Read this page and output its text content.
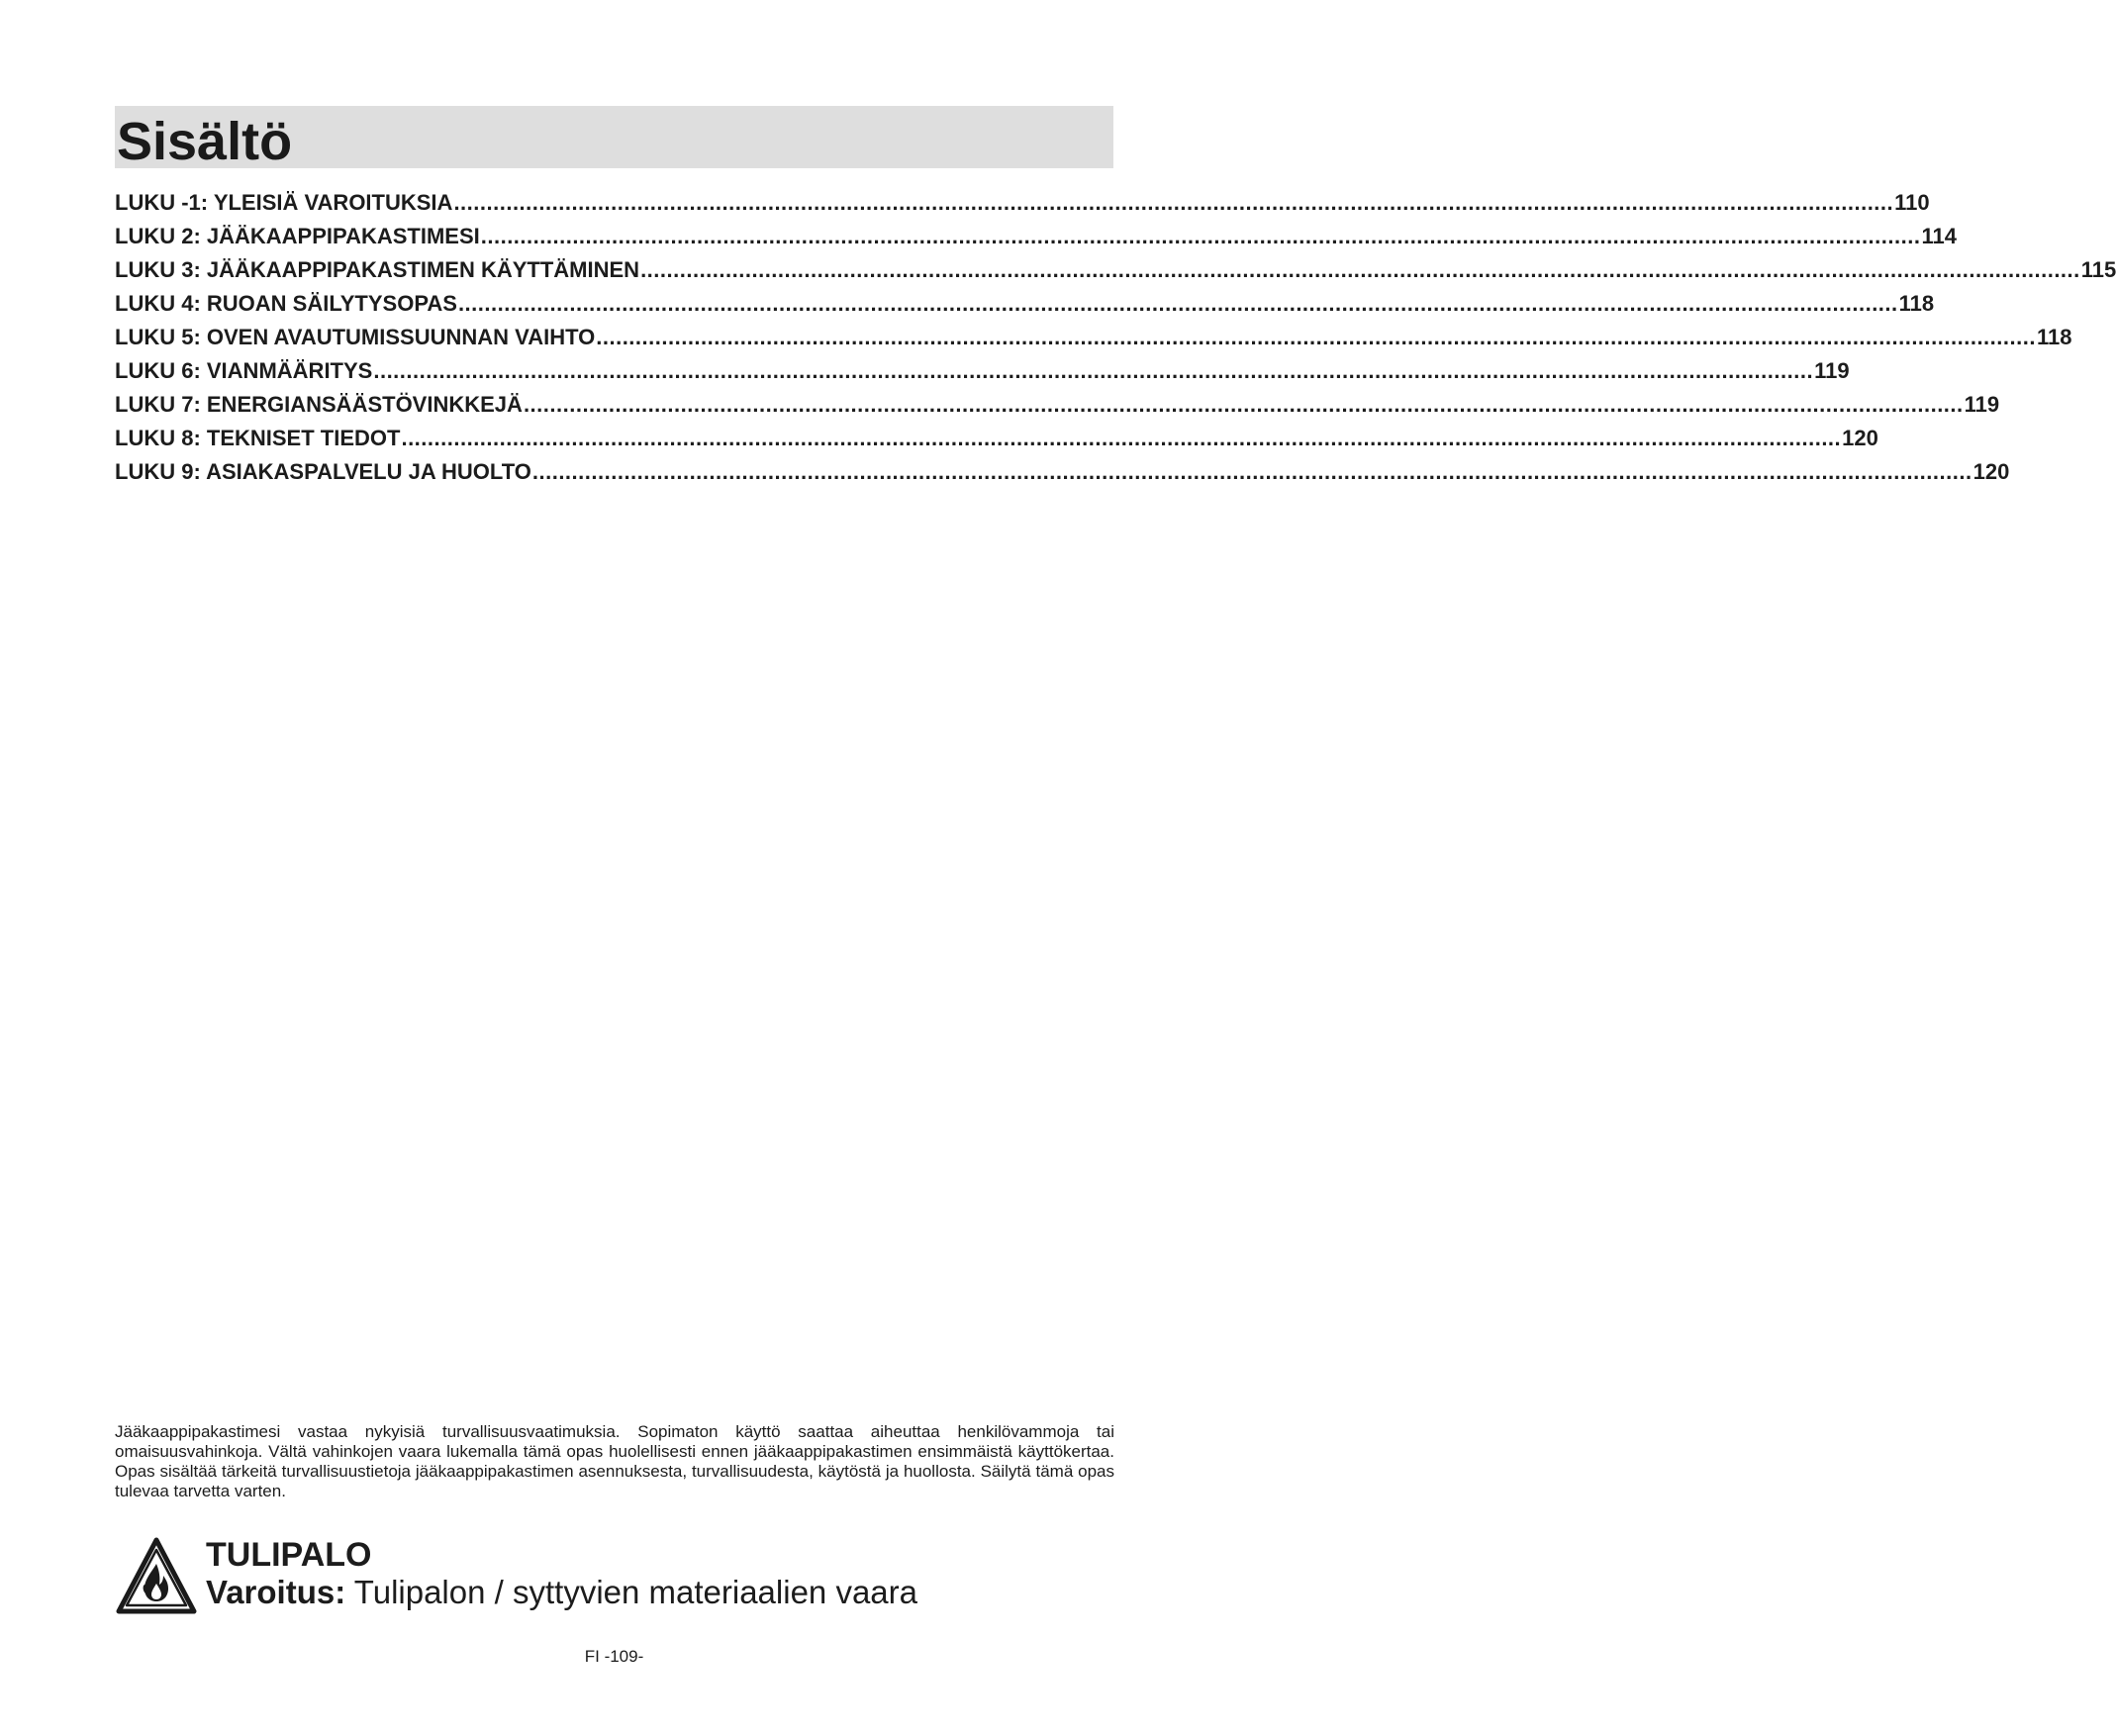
Sisältö
LUKU -1: YLEISIÄ VAROITUKSIA ............................................................................................................................................................................................................................ 110
LUKU 2: JÄÄKAAPPIPAKASTIMESI ............................................................................................................................................................................................................................ 114
LUKU 3: JÄÄKAAPPIPAKASTIMEN KÄYTTÄMINEN ............................................................................................................................................................................................................................ 115
LUKU 4: RUOAN SÄILYTYSOPAS ............................................................................................................................................................................................................................ 118
LUKU 5: OVEN AVAUTUMISSUUNNAN VAIHTO ............................................................................................................................................................................................................................ 118
LUKU 6: VIANMÄÄRITYS ............................................................................................................................................................................................................................ 119
LUKU 7: ENERGIANSÄÄSTÖVINKKEJÄ ............................................................................................................................................................................................................................ 119
LUKU 8: TEKNISET TIEDOT ............................................................................................................................................................................................................................ 120
LUKU 9: ASIAKASPALVELU JA HUOLTO ............................................................................................................................................................................................................................ 120

Jääkaappipakastimesi vastaa nykyisiä turvallisuusvaatimuksia. Sopimaton käyttö saattaa aiheuttaa henkilövammoja tai omaisuusvahinkoja. Vältä vahinkojen vaara lukemalla tämä opas huolellisesti ennen jääkaappipakastimen ensimmäistä käyttökertaa. Opas sisältää tärkeitä turvallisuustietoja jääkaappipakastimen asennuksesta, turvallisuudesta, käytöstä ja huollosta. Säilytä tämä opas tulevaa tarvetta varten.

TULIPALO

Varoitus: Tulipalon / syttyvien materiaalien vaara

FI -109-
